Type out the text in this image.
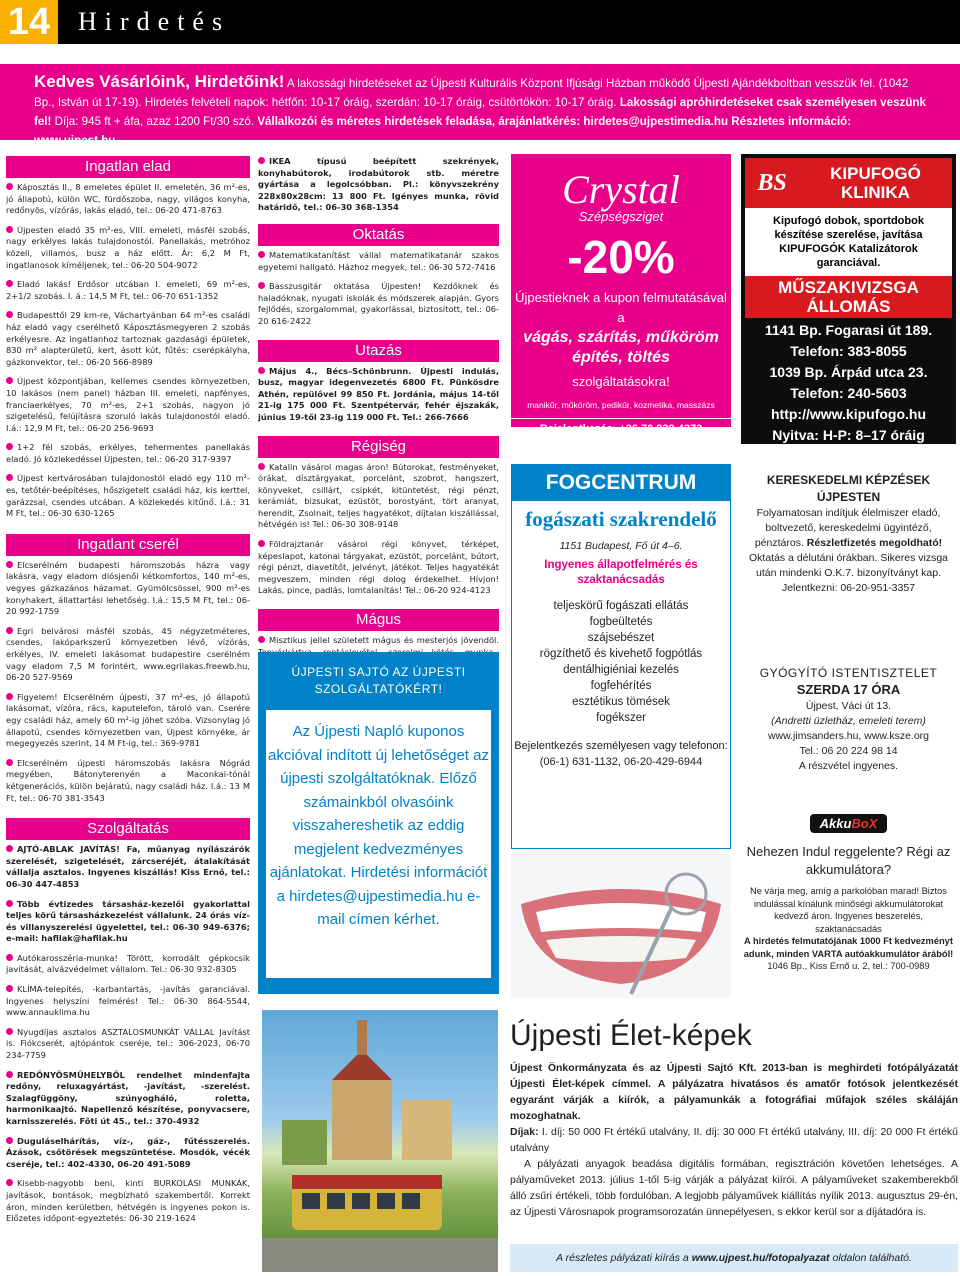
14	Hirdetés
Kedves Vásárlóink, Hirdetőink! A lakossági hirdetéseket az Újpesti Kulturális Központ Ifjúsági Házban működő Újpesti Ajándékboltban vesszük fel. (1042 Bp., István út 17-19). Hirdetés felvételi napok: hétfőn: 10-17 óráig, szerdán: 10-17 óráig, csütörtökön: 10-17 óráig. Lakossági apróhirdetéseket csak személyesen veszünk fel! Díja: 945 ft + áfa, azaz 1200 Ft/30 szó. Vállalkozói és méretes hirdetések feladása, árajánlatkérés: hirdetes@ujpestimedia.hu Részletes információ: www.ujpest.hu
Ingatlan elad
Káposztás II., 8 emeletes épület II. emeletén, 36 m²-es, jó állapotú, külön WC, fürdőszoba, nagy, világos konyha, redőnyös, vízórás, lakás eladó, tel.: 06-20 471-8763
Újpesten eladó 35 m²-es, VIII. emeleti, másfél szobás, nagy erkélyes lakás tulajdonostól. Panellakás, metróhoz közeli, villamos, busz a ház előtt. Ár: 6,2 M Ft, ingatlanosok kíméljenek, tel.: 06-20 504-9072
Eladó lakás! Erdősor utcában I. emeleti, 69 m²-es, 2+1/2 szobás. I. á.: 14,5 M Ft, tel.: 06-70 651-1352
Budapesttől 29 km-re, Váchartyánban 64 m²-es családi ház eladó vagy cserélhető Káposztásmegyeren 2 szobás erkélyesre. Az ingatlanhoz tartoznak gazdasági épületek, 830 m² alapterületű, kert, ásott kút, fűtés: cserépkályha, gázkonvektor, tel.: 06-20 566-8989
Újpest központjában, kellemes csendes környezetben, 10 lakásos (nem panel) házban III. emeleti, napfényes, franciaerkélyes, 70 m²-es, 2+1 szobás, nagyon jó szigetelésű, felújításra szoruló lakás tulajdonostól eladó. I.á.: 12,9 M Ft, tel.: 06-20 256-9693
1+2 fél szobás, erkélyes, tehermentes panellakás eladó. Jó közlekedéssel Újpesten, tel.: 06-20 317-9397
Újpest kertvárosában tulajdonostól eladó egy 110 m²-es, tetőtér-beépítéses, hőszigetelt családi ház, kis kerttel, garázzsal, csendes utcában. A közlekedés kitűnő. I.á.: 31 M Ft, tel.: 06-30 630-1265
Ingatlant cserél
Elcserélném budapesti háromszobás házra vagy lakásra, vagy eladom diósjenői kétkomfortos, 140 m²-es, vegyes gázkazános házamat. Gyümölcsössel, 900 m²-es konyhakert, állattartási lehetőség. I.á.: 15,5 M Ft, tel.: 06-20 992-1759
Egri belvárosi másfél szobás, 45 négyzetméteres, csendes, lakóparkszerű környezetben lévő, vízórás, erkélyes, IV. emeleti lakásomat budapestire cserélném vagy eladom 7,5 M forintért, www.egrilakas.freewb.hu, 06-20 527-9569
Figyelem! Elcserélném újpesti, 37 m²-es, jó állapotú lakásomat, vízóra, rács, kaputelefon, tároló van. Cserére egy családi ház, amely 60 m²-ig jöhet szóba. Vizsonylag jó állapotú, csendes környezetben van, Újpest környéke, ár megegyezés szerint, 14 M Ft-ig, tel.: 369-9781
Elcserélném újpesti háromszobás lakásra Nógrád megyében, Bátonyterenyén a Maconkai-tónál kétgenerációs, külön bejáratú, nagy családi ház. I.á.: 13 M Ft, tel.: 06-70 381-3543
Szolgáltatás
AJTÓ-ABLAK JAVÍTÁS! Fa, műanyag nyílászárók szerelését, szigetelését, zárcseréjét, átalakítását vállalja asztalos. Ingyenes kiszállás! Kiss Ernő, tel.: 06-30 447-4853
Több évtizedes társasház-kezelői gyakorlattal teljes körű társasházkezelést vállalunk. 24 órás víz-és villanyszerelési ügyelettel, tel.: 06-30 949-6376; e-mail: hafilak@hafilak.hu
Autókarosszéria-munka! Törött, korrodált gépkocsik javítását, alvázvédelmet vállalom. Tel.: 06-30 932-8305
KLÍMA-telepítés, -karbantartás, -javítás garanciával. Ingyenes helyszíni felmérés! Tel.: 06-30 864-5544, www.annauklima.hu
Nyugdíjas asztalos ASZTALOSMUNKÁT VÁLLAL Javítást is. Fiókcserét, ajtópántok cseréje, tel.: 306-2023, 06-70 234-7759
REDŐNYÖSMŰHELYBŐL rendelhet mindenfajta redőny, reluxagyártást, -javítást, -szerelést. Szalagfüggöny, szúnyogháló, roletta, harmonikaajtó. Napellenző készítése, ponyvacsere, karnisszerelés. Főti út 45., tel.: 370-4932
Duguláselhárítás, víz-, gáz-, fűtésszerelés. Ázások, csőtörések megszüntetése. Mosdók, vécék cseréje, tel.: 402-4330, 06-20 491-5089
Kisebb-nagyobb beni, kinti BURKOLÁSI MUNKÁK, javítások, bontások, megbízható szakembertől. Korrekt áron, minden kerületben, hétvégén is ingyenes pokon is. Előzetes időpont-egyeztetés: 06-30 219-1624
IKEA típusú beépített szekrények, konyhabútorok, irodabútorok stb. méretre gyártása a legolcsóbban. Pl.: könyvszekrény 228x80x28cm: 13 800 Ft. Igényes munka, rövid határidő, tel.: 06-30 368-1354
Oktatás
Matematikatanítást vállal matematikatanár szakos egyetemi hallgató. Házhoz megyek, tel.: 06-30 572-7416
Basszusgitár oktatása Újpesten! Kezdőknek és haladóknak, nyugati iskolák és módszerek alapján. Gyors fejlődés, szorgalommal, gyakorlással, biztosított, tel.: 06-20 616-2422
Utazás
Május 4., Bécs–Schönbrunn. Újpesti indulás, busz, magyar idegenvezetés 6800 Ft. Pünkösdre Athén, repülővel 99 850 Ft. Jordánia, május 14-től 21-ig 175 000 Ft. Szentpétervár, fehér éjszakák, június 19-től 23-ig 119 000 Ft. Tel.: 266-7666
Régiség
Katalin vásárol magas áron! Bútorokat, festményeket, órákat, dísztárgyakat, porcelánt, szobrot, hangszert, könyveket, csillárt, csipkét, kitüntetést, régi pénzt, kerámiát, bizsukat, ezüstöt, borostyánt, tört aranyat, herendit, Zsolnait, teljes hagyatékot, díjtalan kiszállással, hétvégén is! Tel.: 06-30 308-9148
Földrajztanár vásárol régi könyvet, térképet, képeslapot, katonai tárgyakat, ezüstöt, porcelánt, bútort, régi pénzt, diavetítőt, jelvényt, játékot. Teljes hagyatékát megveszem, minden régi dolog érdekelhet. Hívjon! Lakás, pince, padlás, lomtalanítás! Tel.: 06-20 924-4123
Mágus
Misztikus jellel született mágus és mesterjós jövendöl.
ÚJPESTI SAJTÓ AZ ÚJPESTI SZOLGÁLTATÓKÉRT!
Az Újpesti Napló kuponos akcióval indított új lehetőséget az újpesti szolgáltatóknak. Előző számainkból olvasóink visszahereshetik az eddig megjelent kedvezményes ajánlatokat. Hirdetési információt a hirdetes@ujpestimedia.hu e-mail címen kérhet.
Crystal
Szépségsziget
-20%
Újpestieknek a kupon felmutatásával a
vágás, szárítás, műköröm építés, töltés
szolgáltatásokra!
manikűr, műköröm, pedikűr, kozmetika, masszázs
Bejelentkezés: +36 70 239 4373
1043 Budapest, Munkásotthon u. 18.
BS	KIPUFOGÓ KLINIKA
Kipufogó dobok, sportdobok készítése szerelése, javítása KIPUFOGÓK Katalizátorok garanciával.
MŰSZAKIVIZSGA ÁLLOMÁS
1141 Bp. Fogarasi út 189.
Telefon: 383-8055
1039 Bp. Árpád utca 23.
Telefon: 240-5603
http://www.kipufogo.hu
Nyitva: H-P: 8–17 óráig
FOGCENTRUM
fogászati szakrendelő
1151 Budapest, Fő út 4–6.
Ingyenes állapotfelmérés és szaktanácsadás
teljeskörű fogászati ellátás
fogbeültetés
szájsebészet
rögzíthető és kivehető fogpótlás
dentálhigiéniai kezelés
fogfehérítés
esztétikus tömések
fogékszer
Bejelentkezés személyesen vagy telefonon: (06-1) 631-1132, 06-20-429-6944
KERESKEDELMI KÉPZÉSEK ÚJPESTEN
Folyamatosan indítjuk élelmiszer eladó, boltvezető, kereskedelmi ügyintéző, pénztáros. Részletfizetés megoldható! Oktatás a délutáni órákban. Sikeres vizsga után mindenki O.K.7. bizonyítványt kap. Jelentkezni: 06-20-951-3357
GYÓGYÍTÓ ISTENTISZTELET
SZERDA 17 ÓRA
Újpest, Váci út 13.
(Andretti üzletház, emeleti terem)
www.jimsanders.hu, www.ksze.org
Tel.: 06 20 224 98 14
A részvétel ingyenes.
AkkuBoX
Nehezen Indul reggelente? Régi az akkumulátora?
Ne várja meg, amíg a parkolóban marad! Biztos indulással kínálunk minőségi akkumulátorokat kedvező áron. Ingyenes beszerelés, szaktanácsadás
A hirdetés felmutatójának 1000 Ft kedvezményt adunk, minden VARTA autóakkumulátor árából!
1046 Bp., Kiss Ernő u. 2, tel.: 700-0989
Újpesti Élet-képek

Újpest Önkormányzata és az Újpesti Sajtó Kft. 2013-ban is meghirdeti fotópályázatát Újpesti Élet-képek címmel. A pályázatra hivatásos és amatőr fotósok jelentkezését egyaránt várják a kiírók, a pályamunkák a fotográfiai műfajok széles skáláján mozoghatnak.

Díjak: I. díj: 50 000 Ft értékű utalvány, II. díj: 30 000 Ft értékű utalvány, III. díj: 20 000 Ft értékű utalvány

A pályázati anyagok beadása digitális formában, regisztráción követően lehetséges. A pályaműveket 2013. július 1-től 5-ig várják a pályázat kiírói. A pályaműveket szakemberekből álló zsűri értékeli, több fordulóban. A legjobb pályaművek kiállítás nyílik 2013. augusztus 29-én, az Újpesti Városnapok programsorozatán ünnepélyesen, s ekkor kerül sor a díjátadóra is.

A részletes pályázati kiírás a www.ujpest.hu/fotopalyazat oldalon található.
